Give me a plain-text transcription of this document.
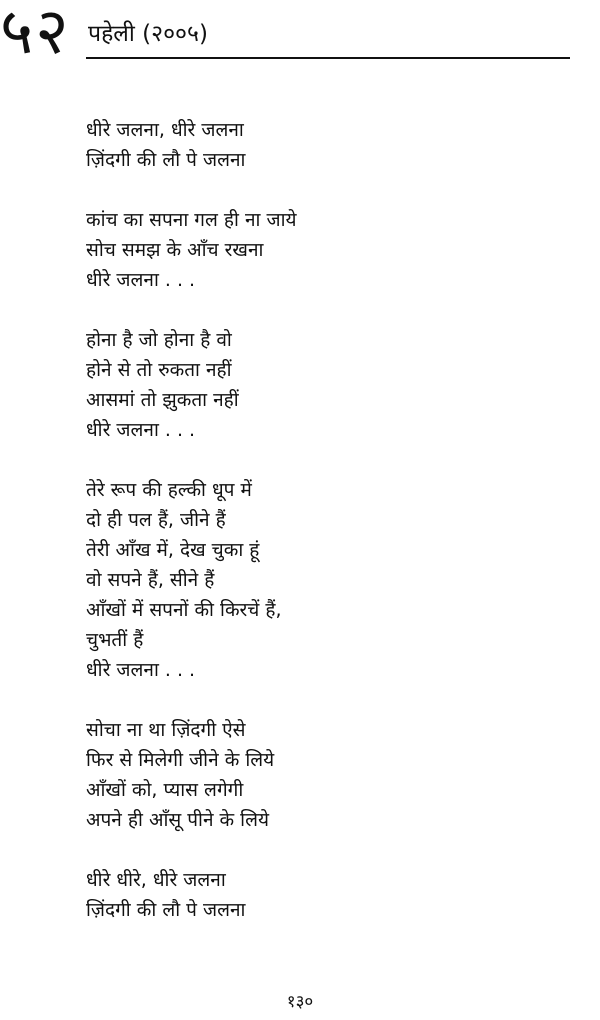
५२ पहेली (२००५)
धीरे जलना, धीरे जलना
ज़िंदगी की लौ पे जलना
कांच का सपना गल ही ना जाये
सोच समझ के आँच रखना
धीरे जलना . . .
होना है जो होना है वो
होने से तो रुकता नहीं
आसमां तो झुकता नहीं
धीरे जलना . . .
तेरे रूप की हल्की धूप में
दो ही पल हैं, जीने हैं
तेरी आँख में, देख चुका हूं
वो सपने हैं, सीने हैं
आँखों में सपनों की किरचें हैं,
चुभतीं हैं
धीरे जलना . . .
सोचा ना था ज़िंदगी ऐसे
फिर से मिलेगी जीने के लिये
आँखों को, प्यास लगेगी
अपने ही आँसू पीने के लिये
धीरे धीरे, धीरे जलना
ज़िंदगी की लौ पे जलना
१३०
